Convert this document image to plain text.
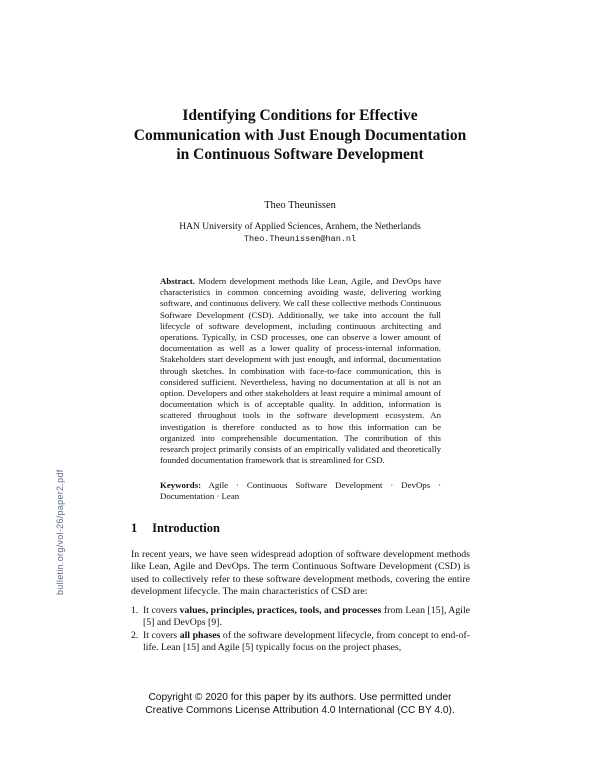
Identifying Conditions for Effective Communication with Just Enough Documentation in Continuous Software Development
Theo Theunissen
HAN University of Applied Sciences, Arnhem, the Netherlands
Theo.Theunissen@han.nl
Abstract. Modern development methods like Lean, Agile, and DevOps have characteristics in common concerning avoiding waste, delivering working software, and continuous delivery. We call these collective methods Continuous Software Development (CSD). Additionally, we take into account the full lifecycle of software development, including continuous architecting and operations. Typically, in CSD processes, one can observe a lower amount of documentation as well as a lower quality of process-internal information. Stakeholders start development with just enough, and informal, documentation through sketches. In combination with face-to-face communication, this is considered sufficient. Nevertheless, having no documentation at all is not an option. Developers and other stakeholders at least require a minimal amount of documentation which is of acceptable quality. In addition, information is scattered throughout tools in the software development ecosystem. An investigation is therefore conducted as to how this information can be organized into comprehensible documentation. The contribution of this research project primarily consists of an empirically validated and theoretically founded documentation framework that is streamlined for CSD.
Keywords: Agile · Continuous Software Development · DevOps · Documentation · Lean
1 Introduction
In recent years, we have seen widespread adoption of software development methods like Lean, Agile and DevOps. The term Continuous Software Development (CSD) is used to collectively refer to these software development methods, covering the entire development lifecycle. The main characteristics of CSD are:
1. It covers values, principles, practices, tools, and processes from Lean [15], Agile [5] and DevOps [9].
2. It covers all phases of the software development lifecycle, from concept to end-of-life. Lean [15] and Agile [5] typically focus on the project phases,
Copyright © 2020 for this paper by its authors. Use permitted under
Creative Commons License Attribution 4.0 International (CC BY 4.0).
bulletin.org/vol-26/paper2.pdf
